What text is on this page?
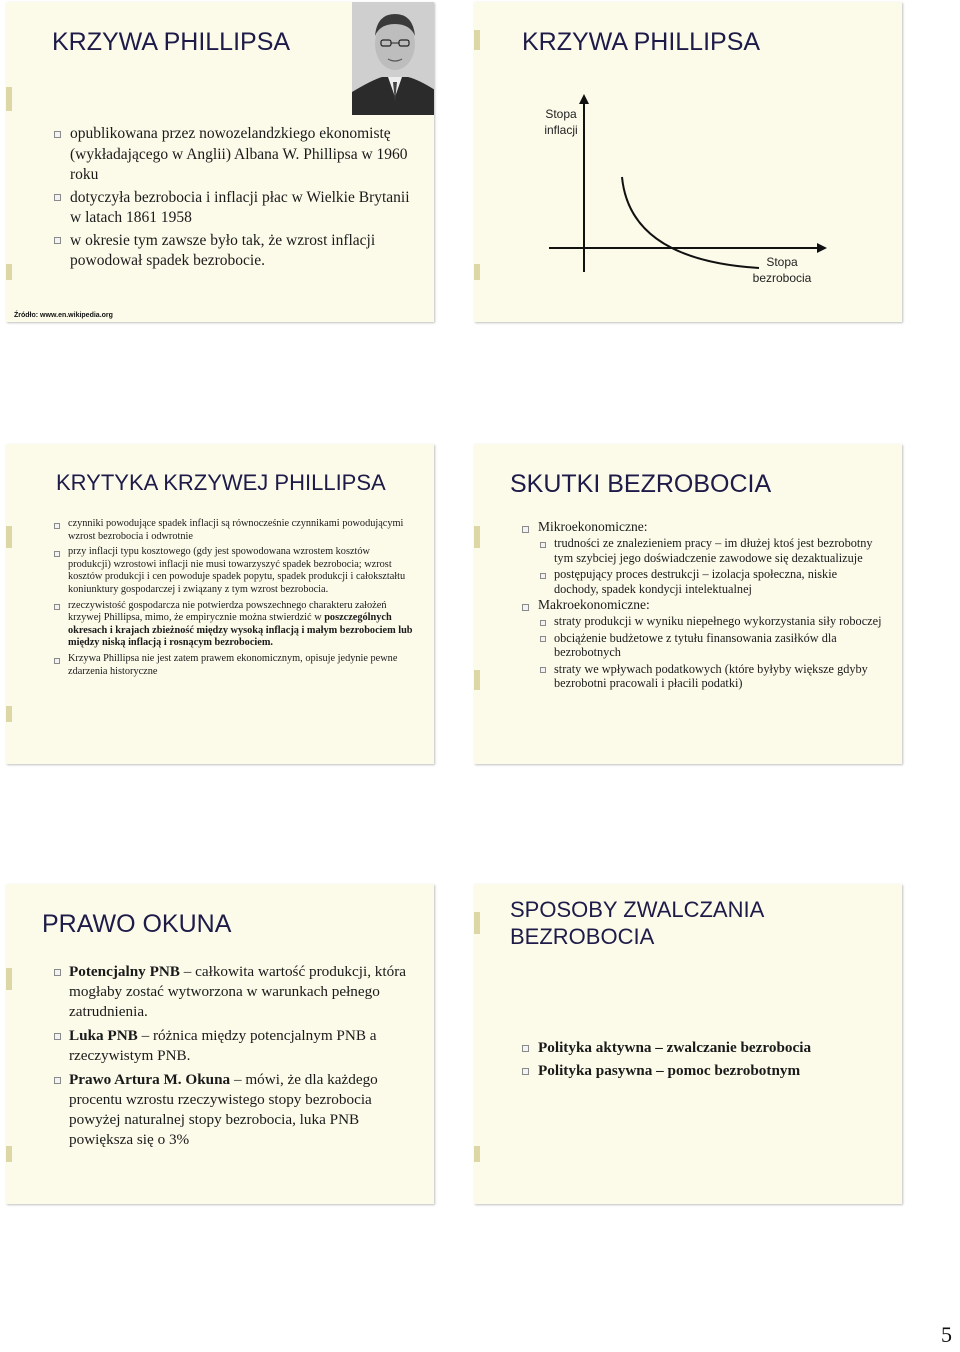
KRZYWA PHILLIPSA
opublikowana przez nowozelandzkiego ekonomistę (wykładającego w Anglii) Albana W. Phillipsa w 1960 roku
dotyczyła bezrobocia i inflacji płac w Wielkie Brytanii w latach 1861 1958
w okresie tym zawsze było tak, że wzrost inflacji powodował spadek bezrobocie.
Źródło: www.en.wikipedia.org
KRZYWA PHILLIPSA
Stopa
inflacji
Stopa
bezrobocia
KRYTYKA KRZYWEJ PHILLIPSA
czynniki powodujące spadek inflacji są równocześnie czynnikami powodującymi wzrost bezrobocia i odwrotnie
przy inflacji typu kosztowego (gdy jest spowodowana wzrostem kosztów produkcji) wzrostowi inflacji nie musi towarzyszyć spadek bezrobocia; wzrost kosztów produkcji i cen powoduje spadek popytu, spadek produkcji i całokształtu koniunktury gospodarczej i związany z tym wzrost bezrobocia.
rzeczywistość gospodarcza nie potwierdza powszechnego charakteru założeń krzywej Phillipsa, mimo, że empirycznie można stwierdzić w poszczególnych okresach i krajach zbieżność między wysoką inflacją i małym bezrobociem lub między niską inflacją i rosnącym bezrobociem.
Krzywa Phillipsa nie jest zatem prawem ekonomicznym, opisuje jedynie pewne zdarzenia historyczne
SKUTKI BEZROBOCIA
Mikroekonomiczne:
trudności ze znalezieniem pracy – im dłużej ktoś jest bezrobotny tym szybciej jego doświadczenie zawodowe się dezaktualizuje
postępujący proces destrukcji – izolacja społeczna, niskie dochody, spadek kondycji intelektualnej
Makroekonomiczne:
straty produkcji w wyniku niepełnego wykorzystania siły roboczej
obciążenie budżetowe z tytułu finansowania zasiłków dla bezrobotnych
straty we wpływach podatkowych (które byłyby większe gdyby bezrobotni pracowali i płacili podatki)
PRAWO OKUNA
Potencjalny PNB – całkowita wartość produkcji, która mogłaby zostać wytworzona w warunkach pełnego zatrudnienia.
Luka PNB – różnica między potencjalnym PNB a rzeczywistym PNB.
Prawo Artura M. Okuna – mówi, że dla każdego procentu wzrostu rzeczywistego stopy bezrobocia powyżej naturalnej stopy bezrobocia, luka PNB powiększa się o 3%
SPOSOBY ZWALCZANIA BEZROBOCIA
Polityka aktywna – zwalczanie bezrobocia
Polityka pasywna – pomoc bezrobotnym
5
